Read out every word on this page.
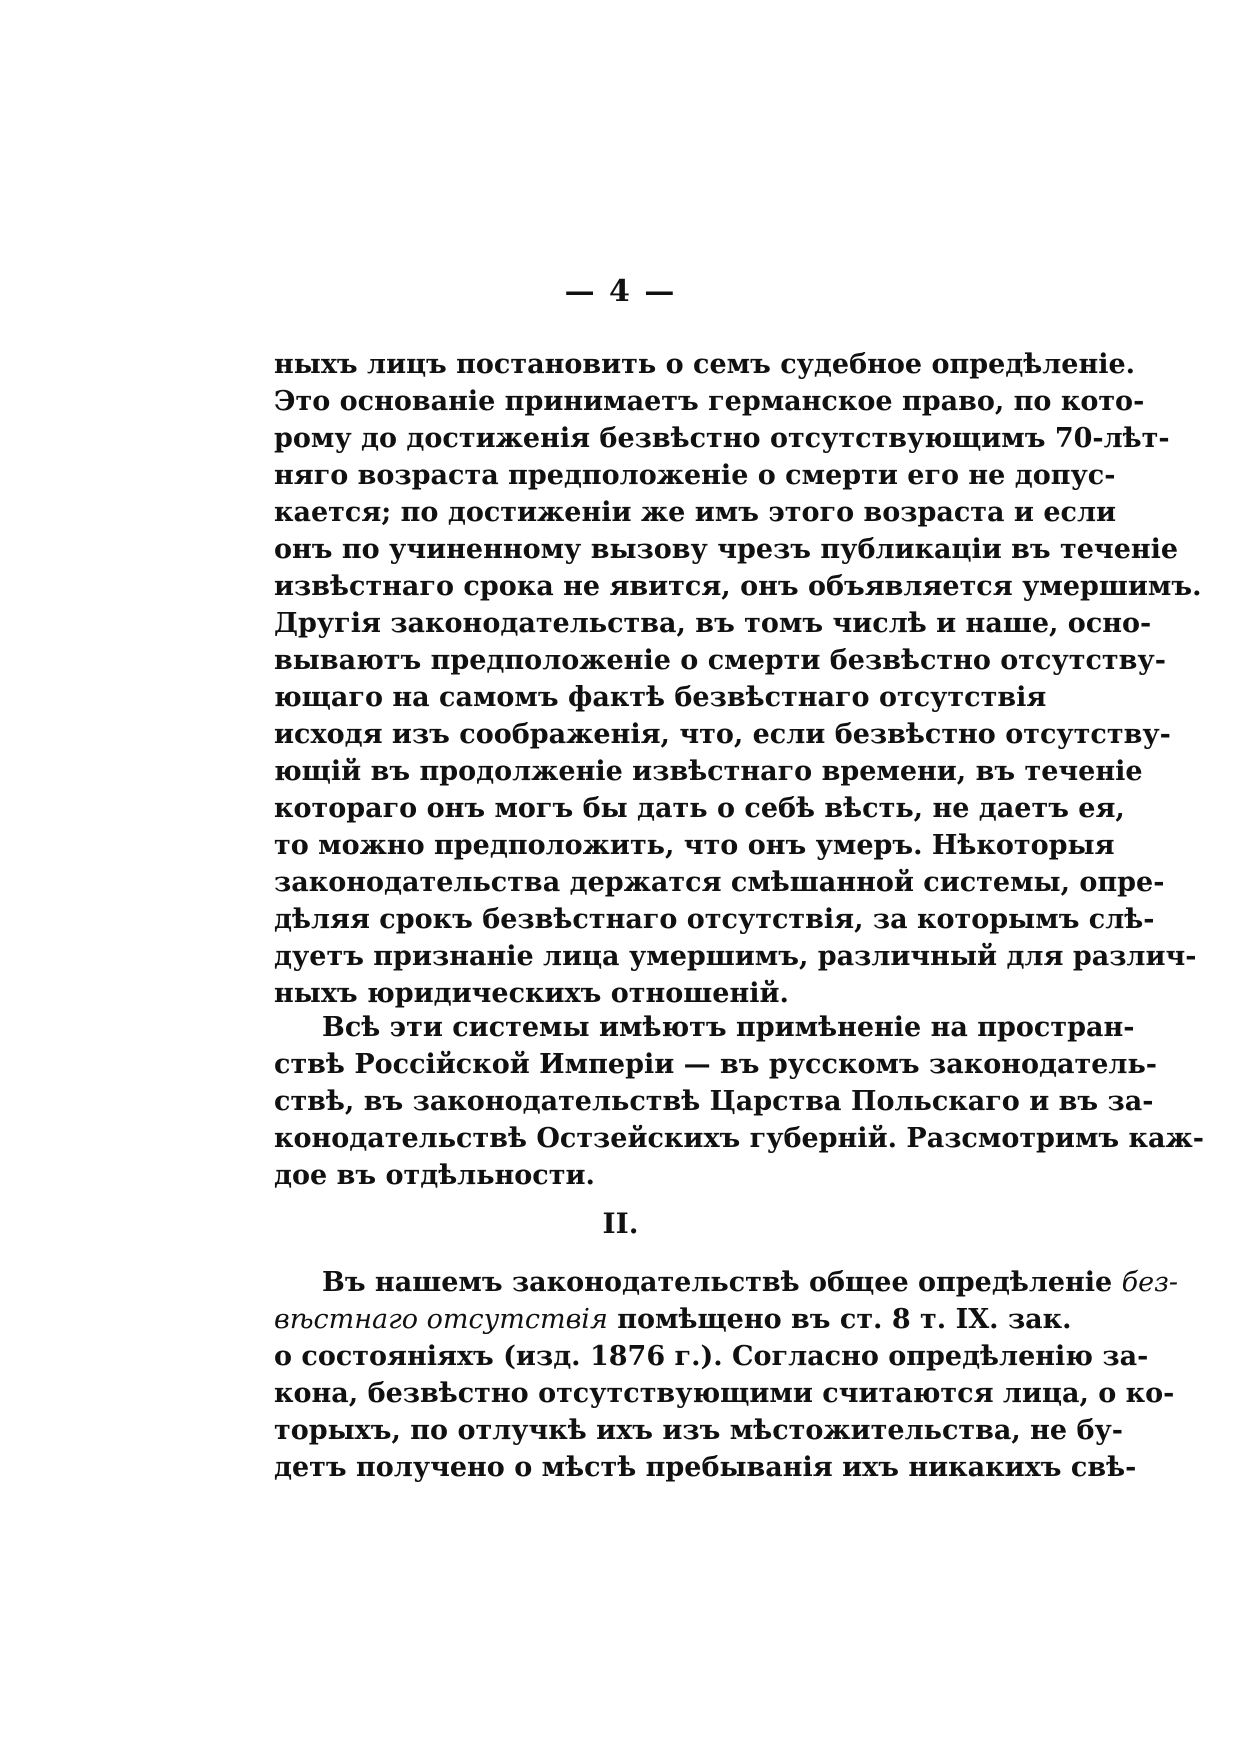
— 4 —
ныхъ лицъ постановить о семъ судебное опредѣленіе.
Это основаніе принимаетъ германское право, по кото-
рому до достиженія безвѣстно отсутствующимъ 70-лѣт-
няго возраста предположеніе о смерти его не допус-
кается; по достиженіи же имъ этого возраста и если
онъ по учиненному вызову чрезъ публикаціи въ теченіе
извѣстнаго срока не явится, онъ объявляется умершимъ.
Другія законодательства, въ томъ числѣ и наше, осно-
вываютъ предположеніе о смерти безвѣстно отсутству-
ющаго на самомъ фактѣ безвѣстнаго отсутствія
исходя изъ соображенія, что, если безвѣстно отсутству-
ющій въ продолженіе извѣстнаго времени, въ теченіе
котораго онъ могъ бы дать о себѣ вѣсть, не даетъ ея,
то можно предположить, что онъ умеръ. Нѣкоторыя
законодательства держатся смѣшанной системы, опре-
дѣляя срокъ безвѣстнаго отсутствія, за которымъ слѣ-
дуетъ признаніе лица умершимъ, различный для различ-
ныхъ юридическихъ отношеній.
Всѣ эти системы имѣютъ примѣненіе на простран-
ствѣ Россійской Имперіи — въ русскомъ законодатель-
ствѣ, въ законодательствѣ Царства Польскаго и въ за-
конодательствѣ Остзейскихъ губерній. Разсмотримъ каж-
дое въ отдѣльности.
II.
Въ нашемъ законодательствѣ общее опредѣленіе без-
вѣстнаго отсутствія помѣщено въ ст. 8 т. IX. зак.
о состояніяхъ (изд. 1876 г.). Согласно опредѣленію за-
кона, безвѣстно отсутствующими считаются лица, о ко-
торыхъ, по отлучкѣ ихъ изъ мѣстожительства, не бу-
детъ получено о мѣстѣ пребыванія ихъ никакихъ свѣ-
